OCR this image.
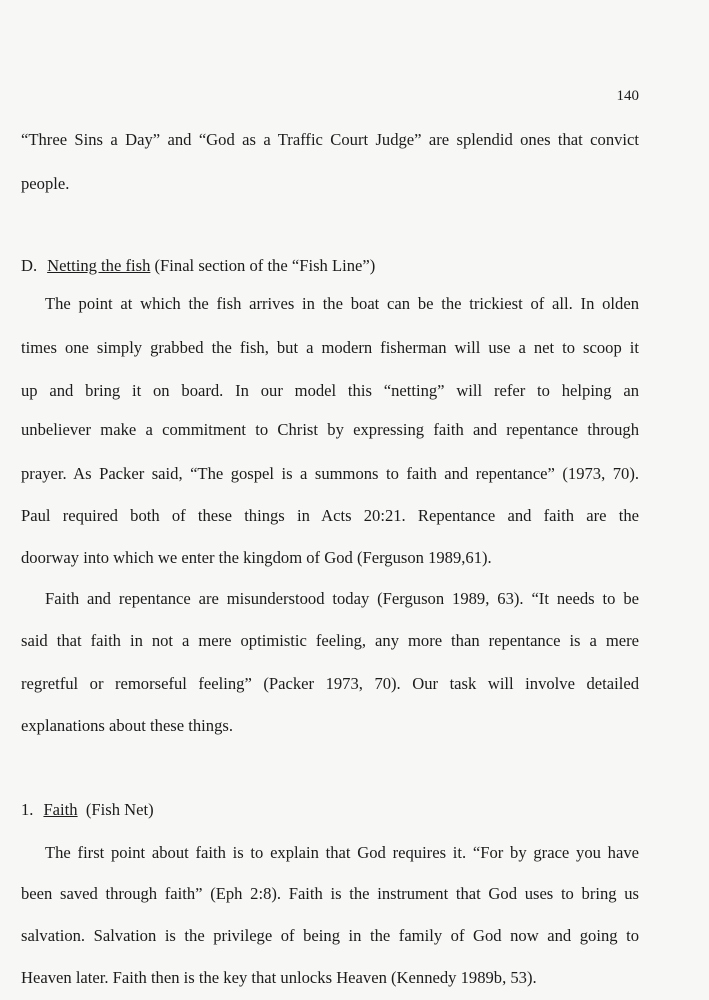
140
“Three Sins a Day” and “God as a Traffic Court Judge” are splendid ones that convict
people.
D. Netting the fish (Final section of the “Fish Line”)
The point at which the fish arrives in the boat can be the trickiest of all. In olden
times one simply grabbed the fish, but a modern fisherman will use a net to scoop it
up and bring it on board. In our model this “netting” will refer to helping an
unbeliever make a commitment to Christ by expressing faith and repentance through
prayer. As Packer said, “The gospel is a summons to faith and repentance” (1973, 70).
Paul required both of these things in Acts 20:21. Repentance and faith are the
doorway into which we enter the kingdom of God (Ferguson 1989,61).
Faith and repentance are misunderstood today (Ferguson 1989, 63). “It needs to be
said that faith in not a mere optimistic feeling, any more than repentance is a mere
regretful or remorseful feeling” (Packer 1973, 70). Our task will involve detailed
explanations about these things.
1. Faith (Fish Net)
The first point about faith is to explain that God requires it. “For by grace you have
been saved through faith” (Eph 2:8). Faith is the instrument that God uses to bring us
salvation. Salvation is the privilege of being in the family of God now and going to
Heaven later. Faith then is the key that unlocks Heaven (Kennedy 1989b, 53).
